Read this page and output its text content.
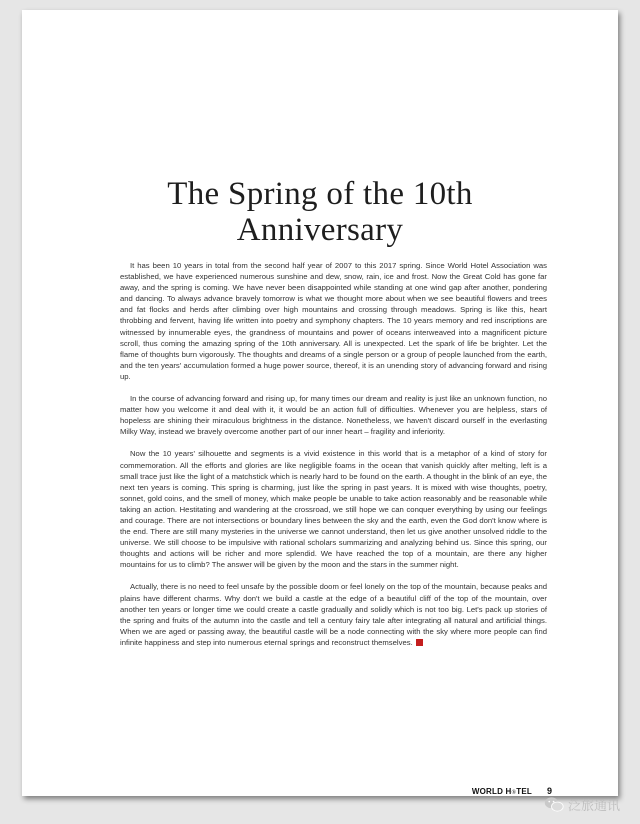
The Spring of the 10th
Anniversary

It has been 10 years in total from the second half year of 2007 to this 2017 spring. Since World Hotel Association was established, we have experienced numerous sunshine and dew, snow, rain, ice and frost. Now the Great Cold has gone far away, and the spring is coming. We have never been disappointed while standing at one wind gap after another, pondering and dancing. To always advance bravely tomorrow is what we thought more about when we see beautiful flowers and trees and fat flocks and herds after climbing over high mountains and crossing through meadows. Spring is like this, heart throbbing and fervent, having life written into poetry and symphony chapters. The 10 years memory and red inscriptions are witnessed by innumerable eyes, the grandness of mountains and power of oceans interweaved into a magnificent picture scroll, thus coming the amazing spring of the 10th anniversary. All is unexpected. Let the spark of life be brighter. Let the flame of thoughts burn vigorously. The thoughts and dreams of a single person or a group of people launched from the earth, and the ten years' accumulation formed a huge power source, thereof, it is an unending story of advancing forward and rising up.

In the course of advancing forward and rising up, for many times our dream and reality is just like an unknown function, no matter how you welcome it and deal with it, it would be an action full of difficulties. Whenever you are helpless, stars of hopeless are shining their miraculous brightness in the distance. Nonetheless, we haven't discard ourself in the everlasting Milky Way, instead we bravely overcome another part of our inner heart – fragility and inferiority.

Now the 10 years' silhouette and segments is a vivid existence in this world that is a metaphor of a kind of story for commemoration. All the efforts and glories are like negligible foams in the ocean that vanish quickly after melting, left is a small trace just like the light of a matchstick which is nearly hard to be found on the earth. A thought in the blink of an eye, the next ten years is coming. This spring is charming, just like the spring in past years. It is mixed with wise thoughts, poetry, sonnet, gold coins, and the smell of money, which make people be unable to take action reasonably and be reasonable while taking an action. Hestitating and wandering at the crossroad, we still hope we can conquer everything by using our feelings and courage. There are not intersections or boundary lines between the sky and the earth, even the God don't know where is the end. There are still many mysteries in the universe we cannot understand, then let us give another unsolved riddle to the universe. We still choose to be impulsive with rational scholars summarizing and analyzing behind us. Since this spring, our thoughts and actions will be richer and more splendid. We have reached the top of a mountain, are there any higher mountains for us to climb? The answer will be given by the moon and the stars in the summer night.

Actually, there is no need to feel unsafe by the possible doom or feel lonely on the top of the mountain, because peaks and plains have different charms. Why don't we build a castle at the edge of a beautiful cliff of the top of the mountain, over another ten years or longer time we could create a castle gradually and solidly which is not too big. Let's pack up stories of the spring and fruits of the autumn into the castle and tell a century fairy tale after integrating all natural and artificial things. When we are aged or passing away, the beautiful castle will be a node connecting with the sky where more people can find infinite happiness and step into numerous eternal springs and reconstruct themselves.

WORLD H®TEL 9
泛旅通讯
